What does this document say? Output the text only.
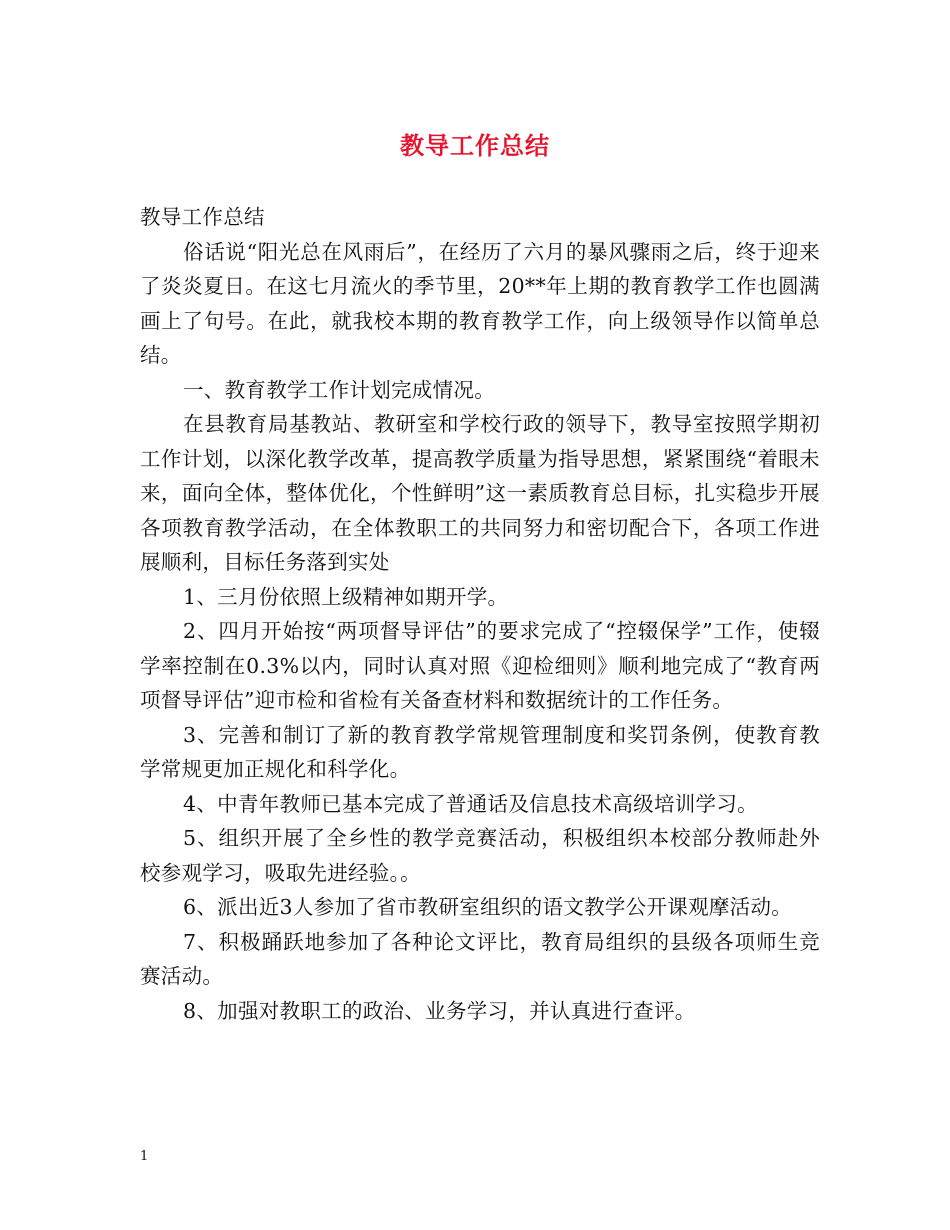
教导工作总结

教导工作总结

俗话说“阳光总在风雨后”，在经历了六月的暴风骤雨之后，终于迎来了炎炎夏日。在这七月流火的季节里，20**年上期的教育教学工作也圆满画上了句号。在此，就我校本期的教育教学工作，向上级领导作以简单总结。

一、教育教学工作计划完成情况。

在县教育局基教站、教研室和学校行政的领导下，教导室按照学期初工作计划，以深化教学改革，提高教学质量为指导思想，紧紧围绕“着眼未来，面向全体，整体优化，个性鲜明”这一素质教育总目标，扎实稳步开展各项教育教学活动，在全体教职工的共同努力和密切配合下，各项工作进展顺利，目标任务落到实处

1、三月份依照上级精神如期开学。

2、四月开始按“两项督导评估”的要求完成了“控辍保学”工作，使辍学率控制在0.3%以内，同时认真对照《迎检细则》顺利地完成了“教育两项督导评估”迎市检和省检有关备查材料和数据统计的工作任务。

3、完善和制订了新的教育教学常规管理制度和奖罚条例，使教育教学常规更加正规化和科学化。

4、中青年教师已基本完成了普通话及信息技术高级培训学习。

5、组织开展了全乡性的教学竞赛活动，积极组织本校部分教师赴外校参观学习，吸取先进经验。。

6、派出近3人参加了省市教研室组织的语文教学公开课观摩活动。

7、积极踊跃地参加了各种论文评比，教育局组织的县级各项师生竞赛活动。

8、加强对教职工的政治、业务学习，并认真进行查评。

1
